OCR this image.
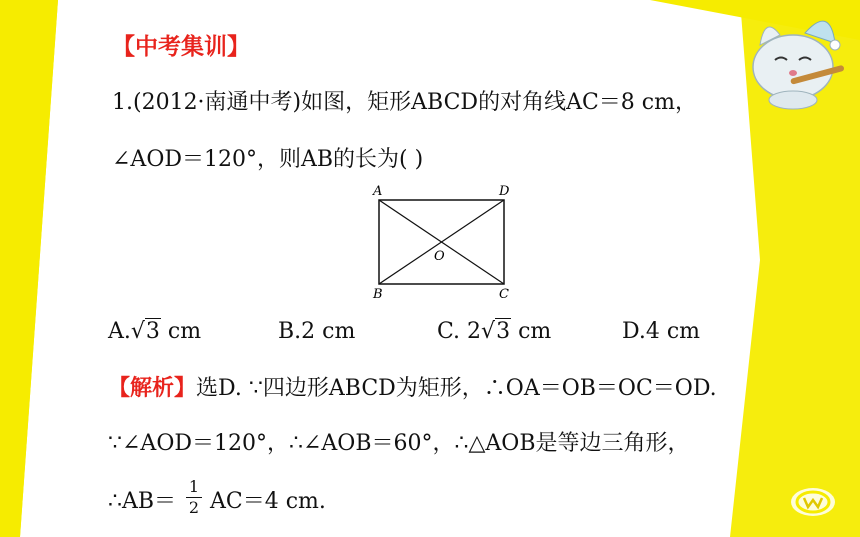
【中考集训】
1.(2012·南通中考)如图，矩形ABCD的对角线AC＝8 cm，
∠AOD＝120°，则AB的长为( )
A	D
B	C
O
A.√3 cm	B.2 cm	C. 2√3 cm	D.4 cm
【解析】选D. ∵四边形ABCD为矩形，∴OA＝OB＝OC＝OD.
∵∠AOD＝120°，∴∠AOB＝60°，∴△AOB是等边三角形，
∴AB＝
1
2 AC＝4 cm.
